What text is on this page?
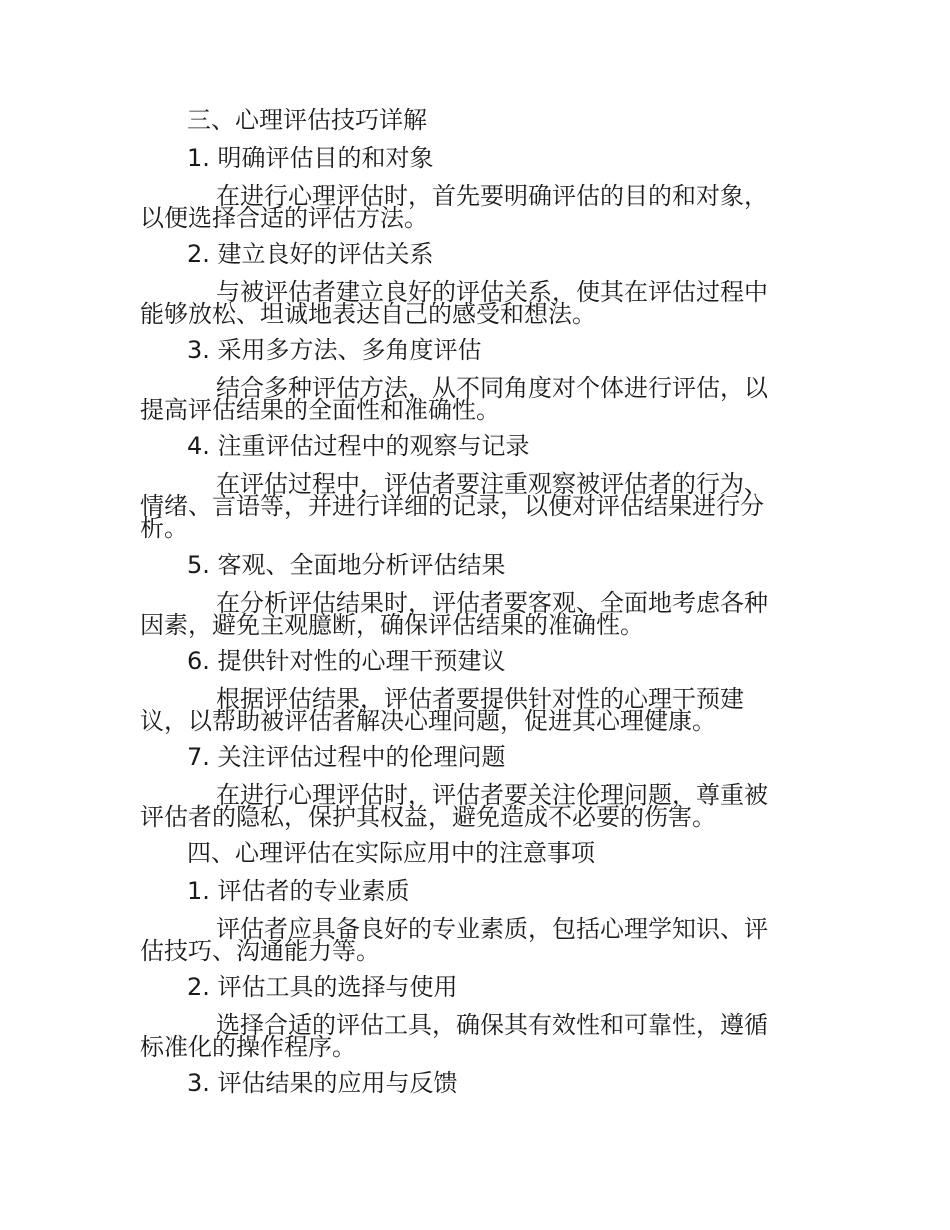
三、心理评估技巧详解
1. 明确评估目的和对象
在进行心理评估时，首先要明确评估的目的和对象，
以便选择合适的评估方法。
2. 建立良好的评估关系
与被评估者建立良好的评估关系，使其在评估过程中
能够放松、坦诚地表达自己的感受和想法。
3. 采用多方法、多角度评估
结合多种评估方法，从不同角度对个体进行评估，以
提高评估结果的全面性和准确性。
4. 注重评估过程中的观察与记录
在评估过程中，评估者要注重观察被评估者的行为、
情绪、言语等，并进行详细的记录，以便对评估结果进行分
析。
5. 客观、全面地分析评估结果
在分析评估结果时，评估者要客观、全面地考虑各种
因素，避免主观臆断，确保评估结果的准确性。
6. 提供针对性的心理干预建议
根据评估结果，评估者要提供针对性的心理干预建
议，以帮助被评估者解决心理问题，促进其心理健康。
7. 关注评估过程中的伦理问题
在进行心理评估时，评估者要关注伦理问题，尊重被
评估者的隐私，保护其权益，避免造成不必要的伤害。
四、心理评估在实际应用中的注意事项
1. 评估者的专业素质
评估者应具备良好的专业素质，包括心理学知识、评
估技巧、沟通能力等。
2. 评估工具的选择与使用
选择合适的评估工具，确保其有效性和可靠性，遵循
标准化的操作程序。
3. 评估结果的应用与反馈
